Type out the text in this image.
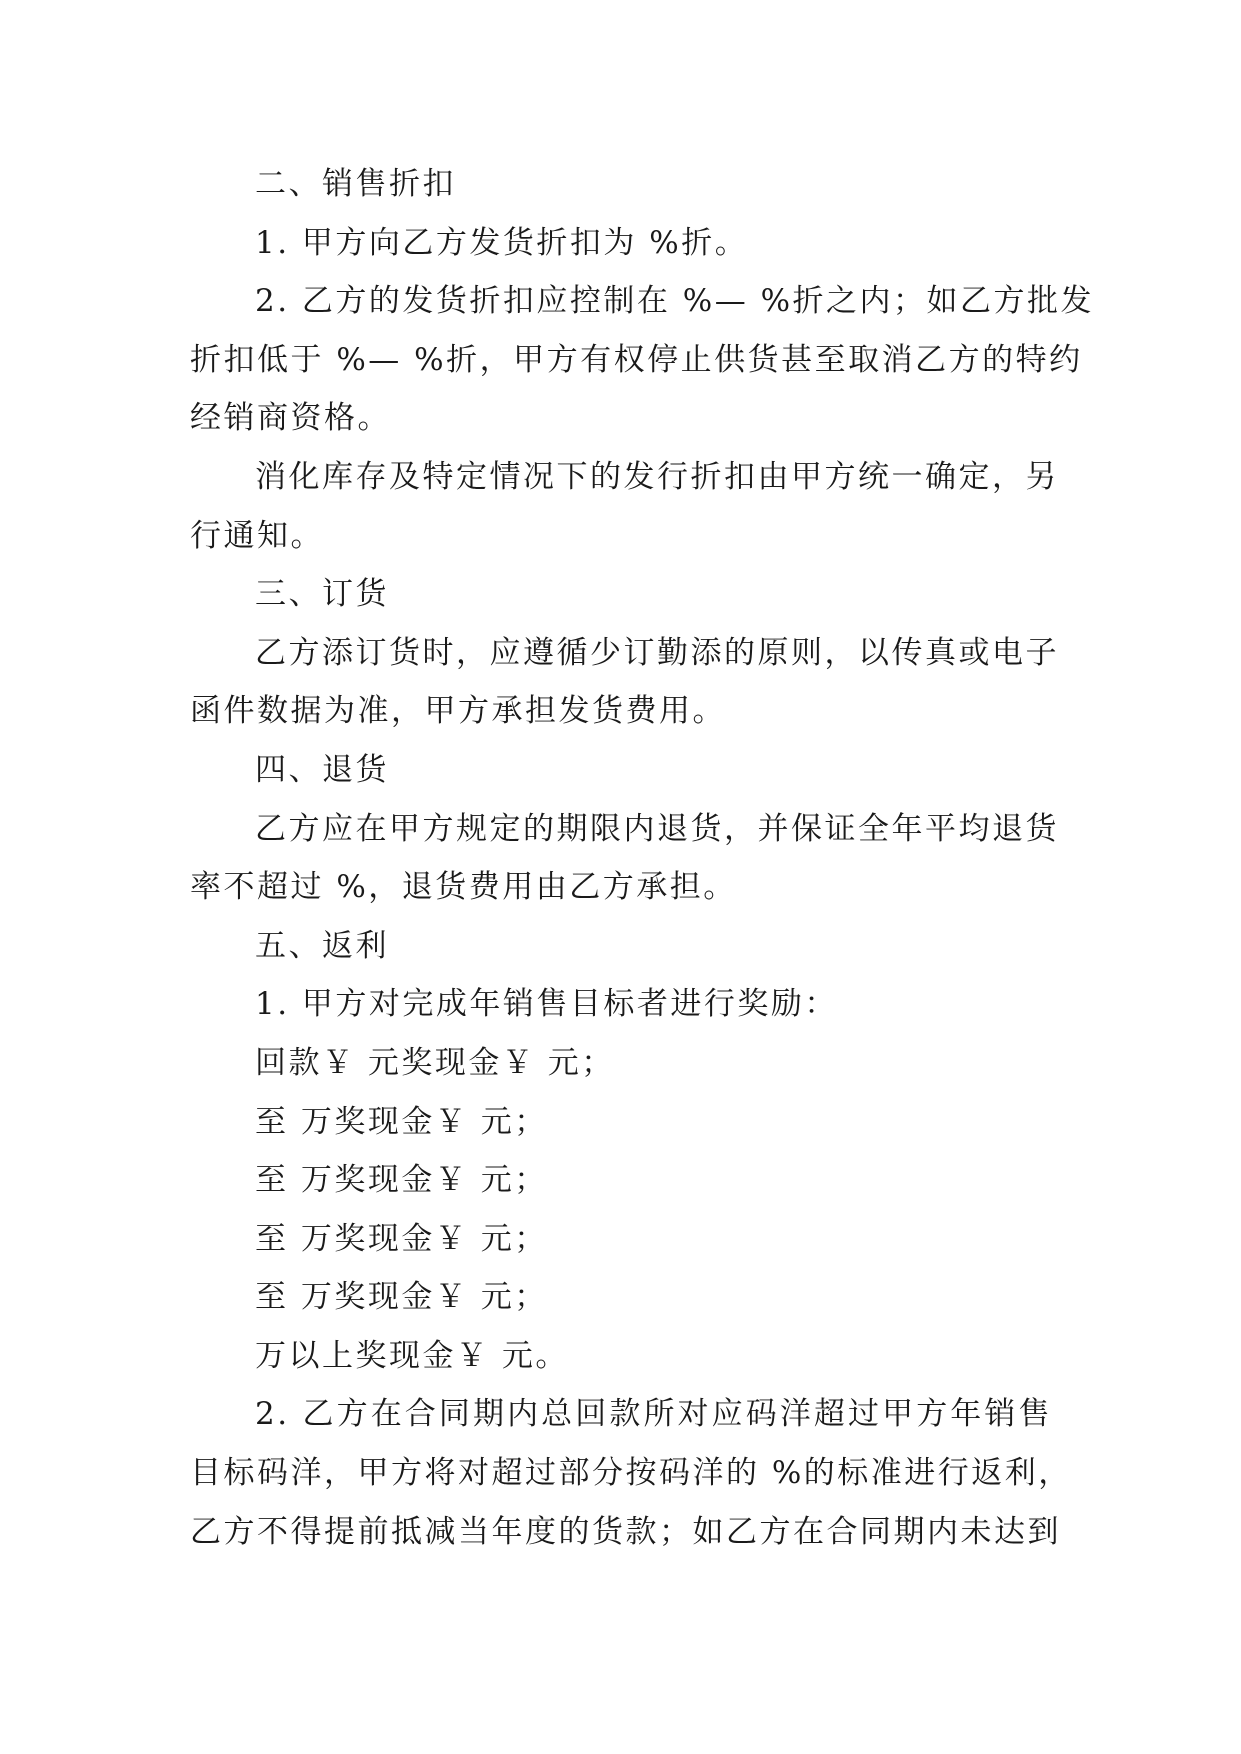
二、销售折扣
1. 甲方向乙方发货折扣为 %折。
2. 乙方的发货折扣应控制在 %— %折之内；如乙方批发
折扣低于 %— %折，甲方有权停止供货甚至取消乙方的特约
经销商资格。
消化库存及特定情况下的发行折扣由甲方统一确定，另
行通知。
三、订货
乙方添订货时，应遵循少订勤添的原则，以传真或电子
函件数据为准，甲方承担发货费用。
四、退货
乙方应在甲方规定的期限内退货，并保证全年平均退货
率不超过 %，退货费用由乙方承担。
五、返利
1. 甲方对完成年销售目标者进行奖励：
回款￥ 元奖现金￥ 元；
至 万奖现金￥ 元；
至 万奖现金￥ 元；
至 万奖现金￥ 元；
至 万奖现金￥ 元；
万以上奖现金￥ 元。
2. 乙方在合同期内总回款所对应码洋超过甲方年销售
目标码洋，甲方将对超过部分按码洋的 %的标准进行返利，
乙方不得提前抵减当年度的货款；如乙方在合同期内未达到
